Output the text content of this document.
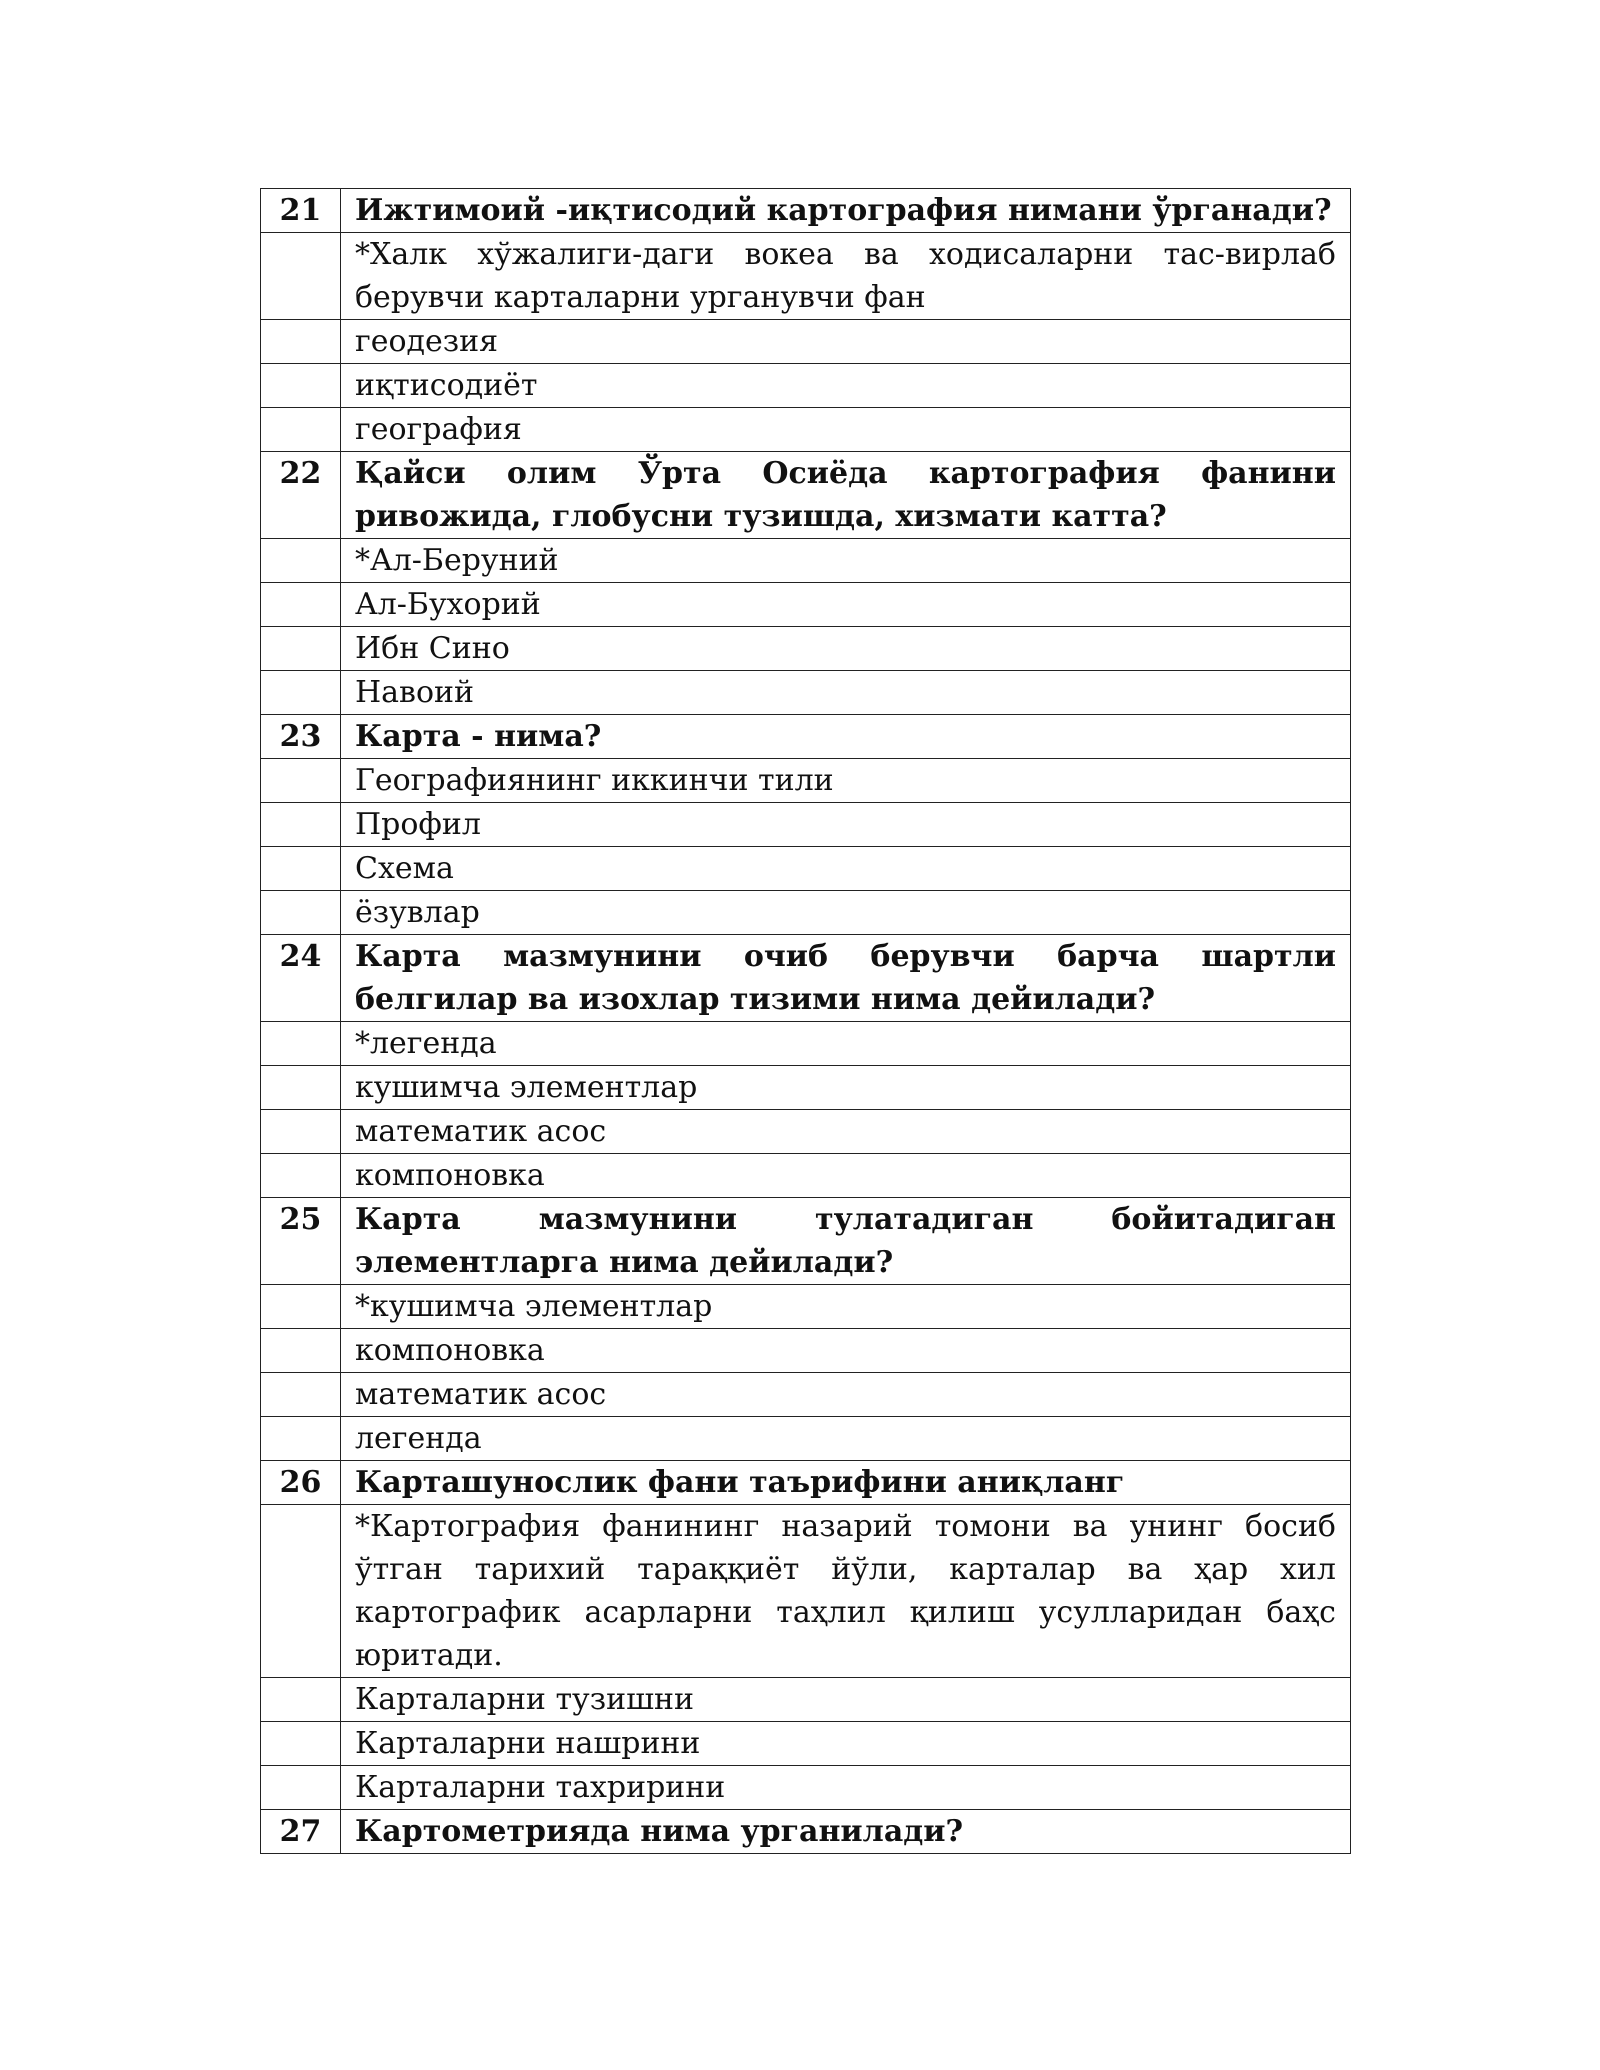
21	Ижтимоий -иқтисодий картография нимани ўрганади?
	*Халк хўжалиги-даги вокеа ва ходисаларни тас-вирлаб берувчи карталарни урганувчи фан
	геодезия
	иқтисодиёт
	география
22	Қайси олим Ўрта Осиёда картография фанини ривожида, глобусни тузишда, хизмати катта?
	*Ал-Беруний
	Ал-Бухорий
	Ибн Сино
	Навоий
23	Карта - нима?
	Географиянинг иккинчи тили
	Профил
	Схема
	ёзувлар
24	Карта мазмунини очиб берувчи барча шартли белгилар ва изохлар тизими нима дейилади?
	*легенда
	кушимча элементлар
	математик асос
	компоновка
25	Карта мазмунини тулатадиган бойитадиган элементларга нима дейилади?
	*кушимча элементлар
	компоновка
	математик асос
	легенда
26	Карташунослик фани таърифини аниқланг
	*Картография фанининг назарий томони ва унинг босиб ўтган тарихий тараққиёт йўли, карталар ва ҳар хил картографик асарларни таҳлил қилиш усулларидан баҳс юритади.
	Карталарни тузишни
	Карталарни нашрини
	Карталарни тахририни
27	Картометрияда нима урганилади?
